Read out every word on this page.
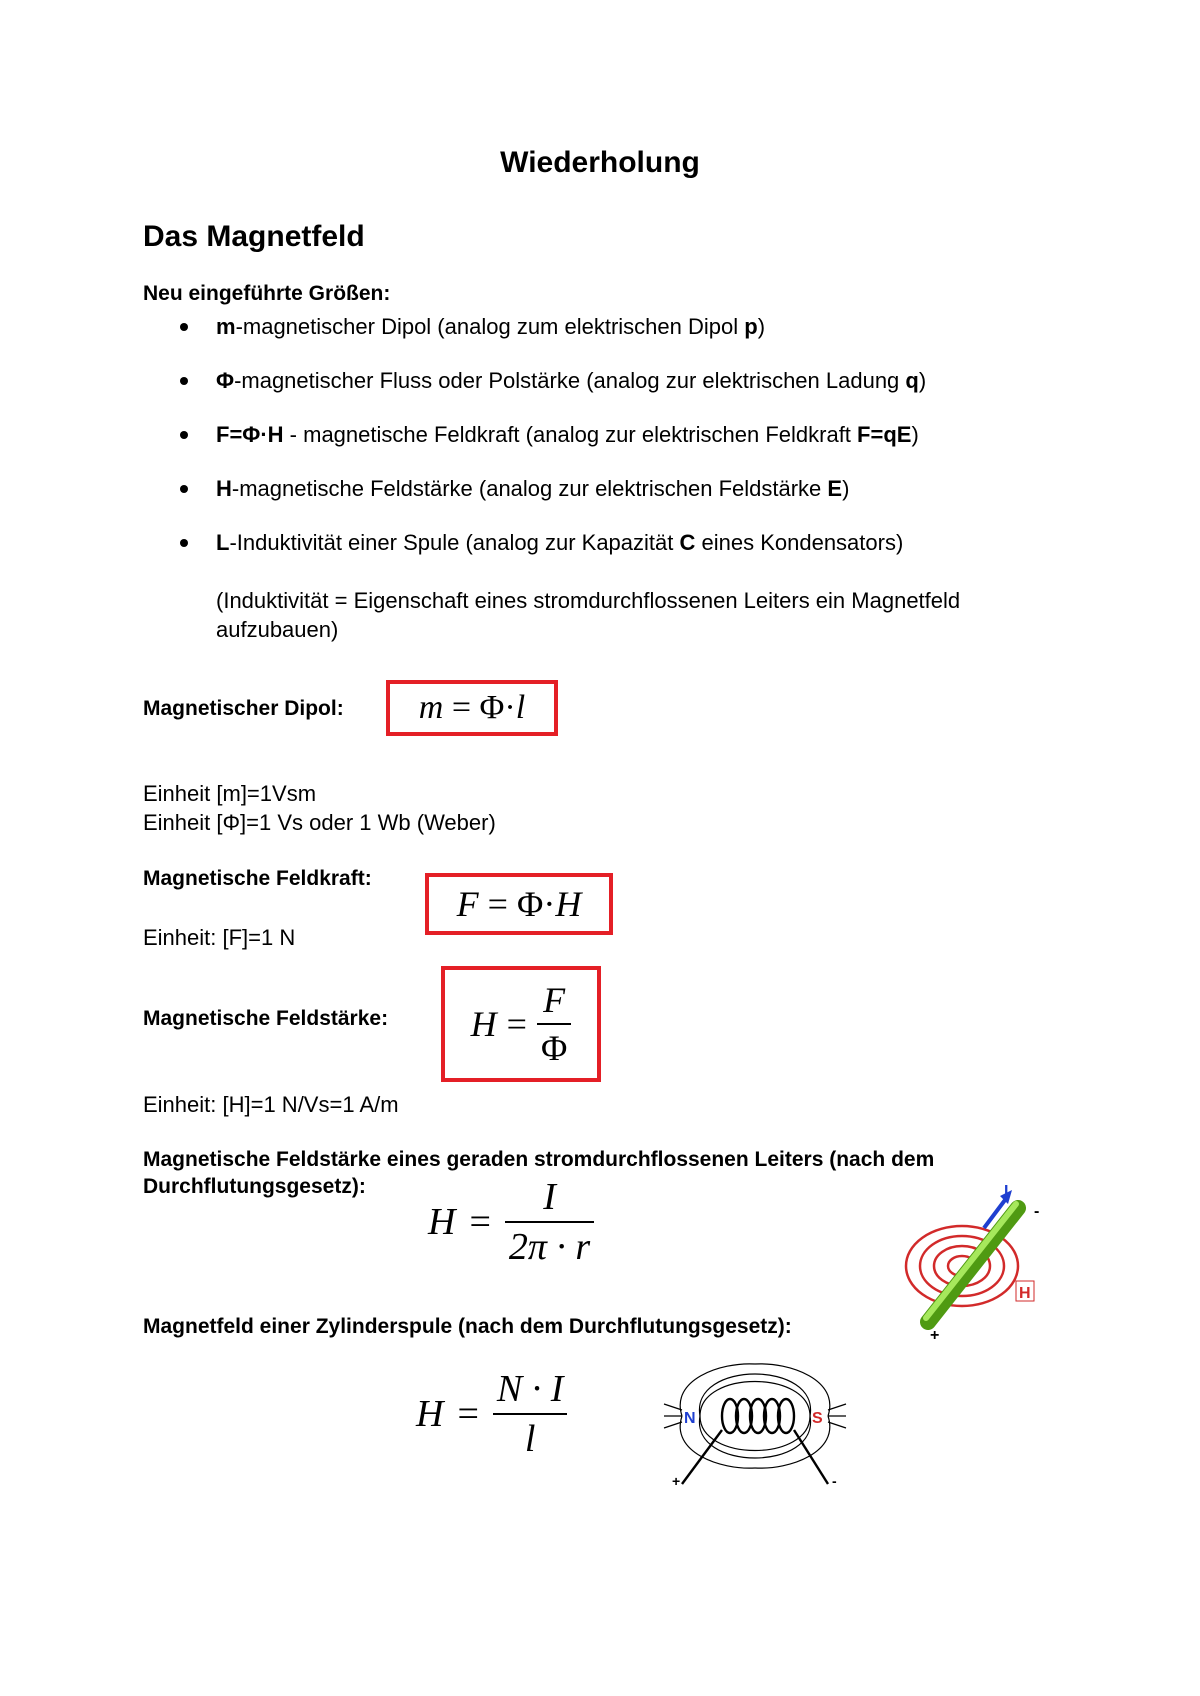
Wiederholung
Das Magnetfeld
Neu eingeführte Größen:
m-magnetischer Dipol (analog zum elektrischen Dipol p)
Φ-magnetischer Fluss oder Polstärke (analog zur elektrischen Ladung q)
F=Φ·H - magnetische Feldkraft (analog zur elektrischen Feldkraft F=qE)
H-magnetische Feldstärke (analog zur elektrischen Feldstärke E)
L-Induktivität einer Spule (analog zur Kapazität C eines Kondensators)
(Induktivität = Eigenschaft eines stromdurchflossenen Leiters ein Magnetfeld aufzubauen)
Magnetischer Dipol:	m = Φ·l
Einheit [m]=1Vsm
Einheit [Φ]=1 Vs oder 1 Wb (Weber)
Magnetische Feldkraft:
F = Φ·H
Einheit: [F]=1 N
Magnetische Feldstärke: $H = \frac{F}{\Phi}$
Einheit: [H]=1 N/Vs=1 A/m
Magnetische Feldstärke eines geraden stromdurchflossenen Leiters (nach dem Durchflutungsgesetz):
$H = \frac{I}{2\pi \cdot r}$	I
-
H
+
Magnetfeld einer Zylinderspule (nach dem Durchflutungsgesetz):
$H = \frac{N \cdot I}{l}$	N	S
+	-
